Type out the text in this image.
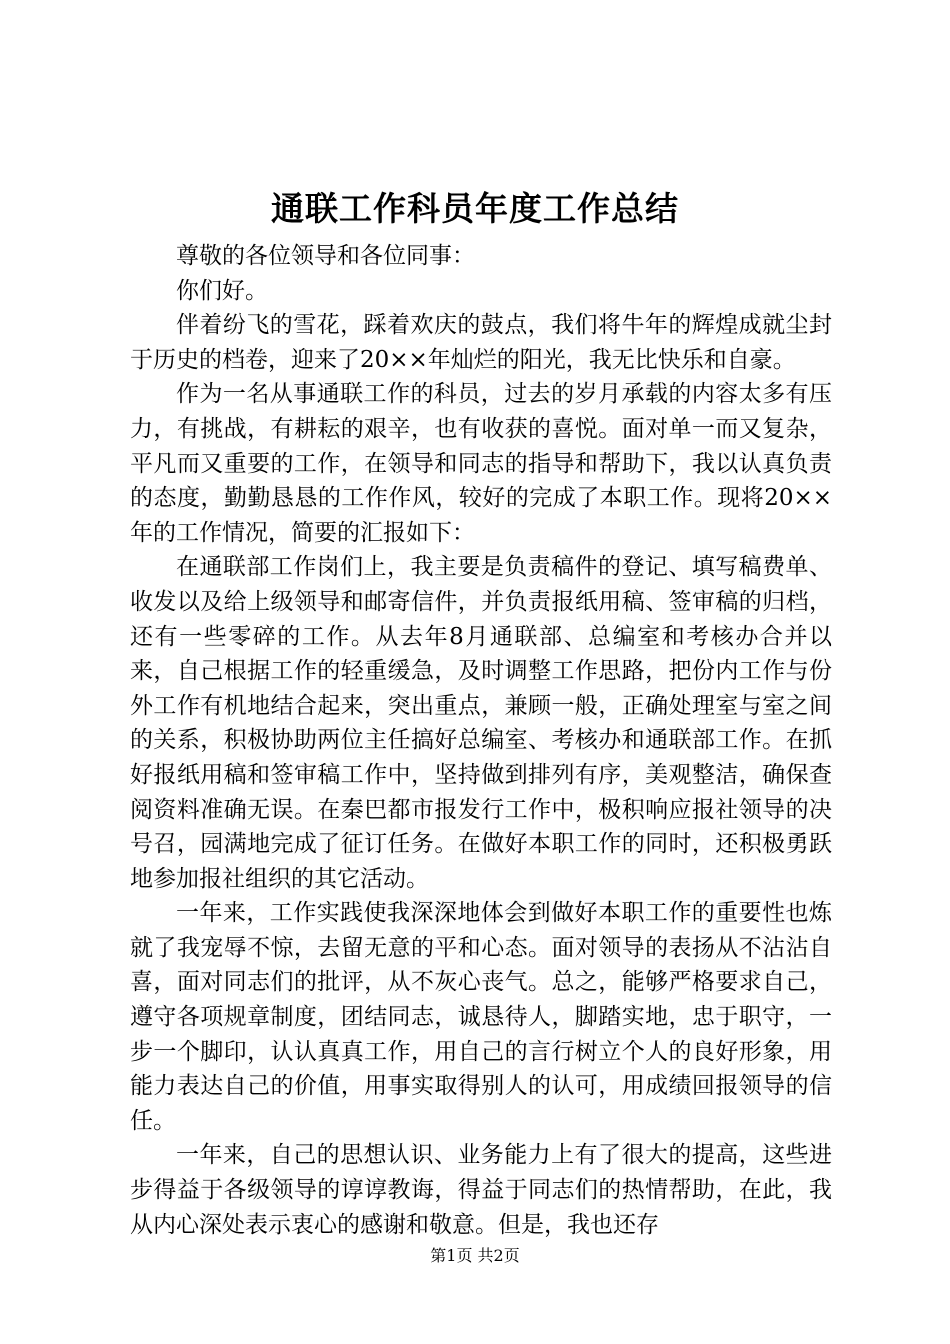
通联工作科员年度工作总结

尊敬的各位领导和各位同事：

你们好。

伴着纷飞的雪花，踩着欢庆的鼓点，我们将牛年的辉煌成就尘封于历史的档卷，迎来了20××年灿烂的阳光，我无比快乐和自豪。

作为一名从事通联工作的科员，过去的岁月承载的内容太多有压力，有挑战，有耕耘的艰辛，也有收获的喜悦。面对单一而又复杂，平凡而又重要的工作，在领导和同志的指导和帮助下，我以认真负责的态度，勤勤恳恳的工作作风，较好的完成了本职工作。现将20××年的工作情况，简要的汇报如下：

在通联部工作岗们上，我主要是负责稿件的登记、填写稿费单、收发以及给上级领导和邮寄信件，并负责报纸用稿、签审稿的归档，还有一些零碎的工作。从去年8月通联部、总编室和考核办合并以来，自己根据工作的轻重缓急，及时调整工作思路，把份内工作与份外工作有机地结合起来，突出重点，兼顾一般，正确处理室与室之间的关系，积极协助两位主任搞好总编室、考核办和通联部工作。在抓好报纸用稿和签审稿工作中，坚持做到排列有序，美观整洁，确保查阅资料准确无误。在秦巴都市报发行工作中，极积响应报社领导的决号召，园满地完成了征订任务。在做好本职工作的同时，还积极勇跃地参加报社组织的其它活动。

一年来，工作实践使我深深地体会到做好本职工作的重要性也炼就了我宠辱不惊，去留无意的平和心态。面对领导的表扬从不沾沾自喜，面对同志们的批评，从不灰心丧气。总之，能够严格要求自己，遵守各项规章制度，团结同志，诚恳待人，脚踏实地，忠于职守，一步一个脚印，认认真真工作，用自己的言行树立个人的良好形象，用能力表达自己的价值，用事实取得别人的认可，用成绩回报领导的信任。

一年来，自己的思想认识、业务能力上有了很大的提高，这些进步得益于各级领导的谆谆教诲，得益于同志们的热情帮助，在此，我从内心深处表示衷心的感谢和敬意。但是，我也还存

第1页 共2页
